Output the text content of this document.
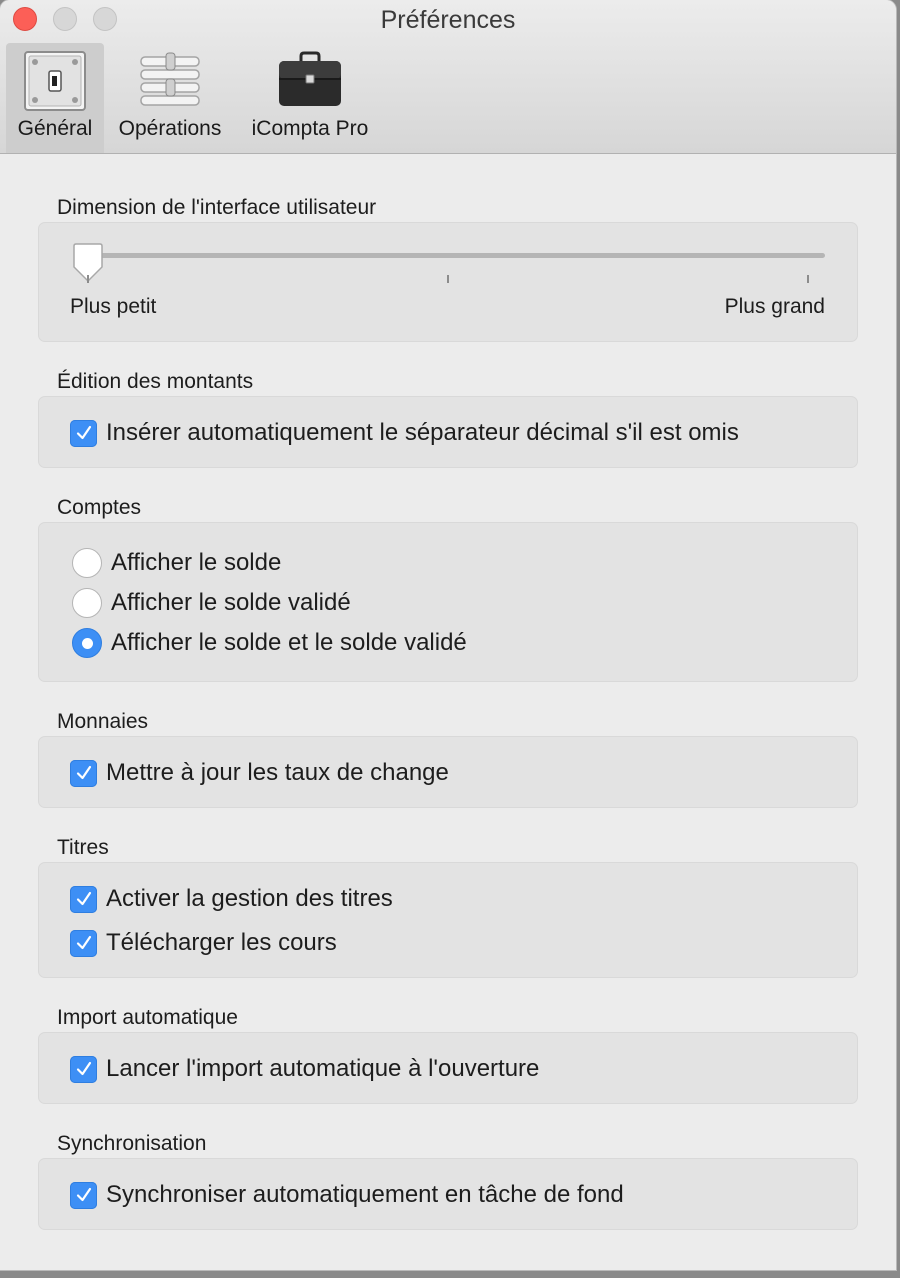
Préférences
Général	Opérations	iCompta Pro
Dimension de l'interface utilisateur
Plus petit	Plus grand
Édition des montants
Insérer automatiquement le séparateur décimal s'il est omis
Comptes
Afficher le solde
Afficher le solde validé
Afficher le solde et le solde validé
Monnaies
Mettre à jour les taux de change
Titres
Activer la gestion des titres
Télécharger les cours
Import automatique
Lancer l'import automatique à l'ouverture
Synchronisation
Synchroniser automatiquement en tâche de fond
